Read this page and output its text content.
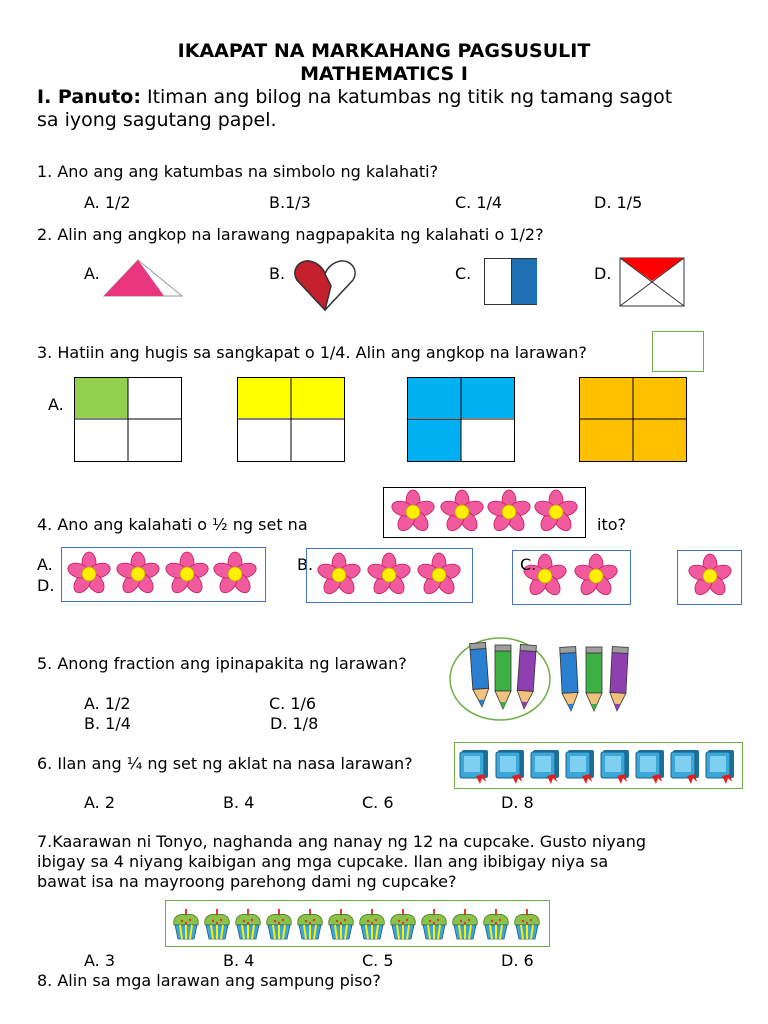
IKAAPAT NA MARKAHANG PAGSUSULIT
MATHEMATICS I
I. Panuto: Itiman ang bilog na katumbas ng titik ng tamang sagot
sa iyong sagutang papel.
1. Ano ang ang katumbas na simbolo ng kalahati?
A. 1/2	B.1/3	C. 1/4	D. 1/5
2. Alin ang angkop na larawang nagpapakita ng kalahati o 1/2?
A.	B.	C.	D.
3. Hatiin ang hugis sa sangkapat o 1/4. Alin ang angkop na larawan?
A.
4. Ano ang kalahati o ½ ng set na	ito?
A.
D.
B.	C.
5. Anong fraction ang ipinapakita ng larawan?
A. 1/2	C. 1/6
B. 1/4	D. 1/8
6. Ilan ang ¼ ng set ng aklat na nasa larawan?
A. 2	B. 4	C. 6	D. 8
7.Kaarawan ni Tonyo, naghanda ang nanay ng 12 na cupcake. Gusto niyang
ibigay sa 4 niyang kaibigan ang mga cupcake. Ilan ang ibibigay niya sa
bawat isa na mayroong parehong dami ng cupcake?
A. 3	B. 4	C. 5	D. 6
8. Alin sa mga larawan ang sampung piso?
